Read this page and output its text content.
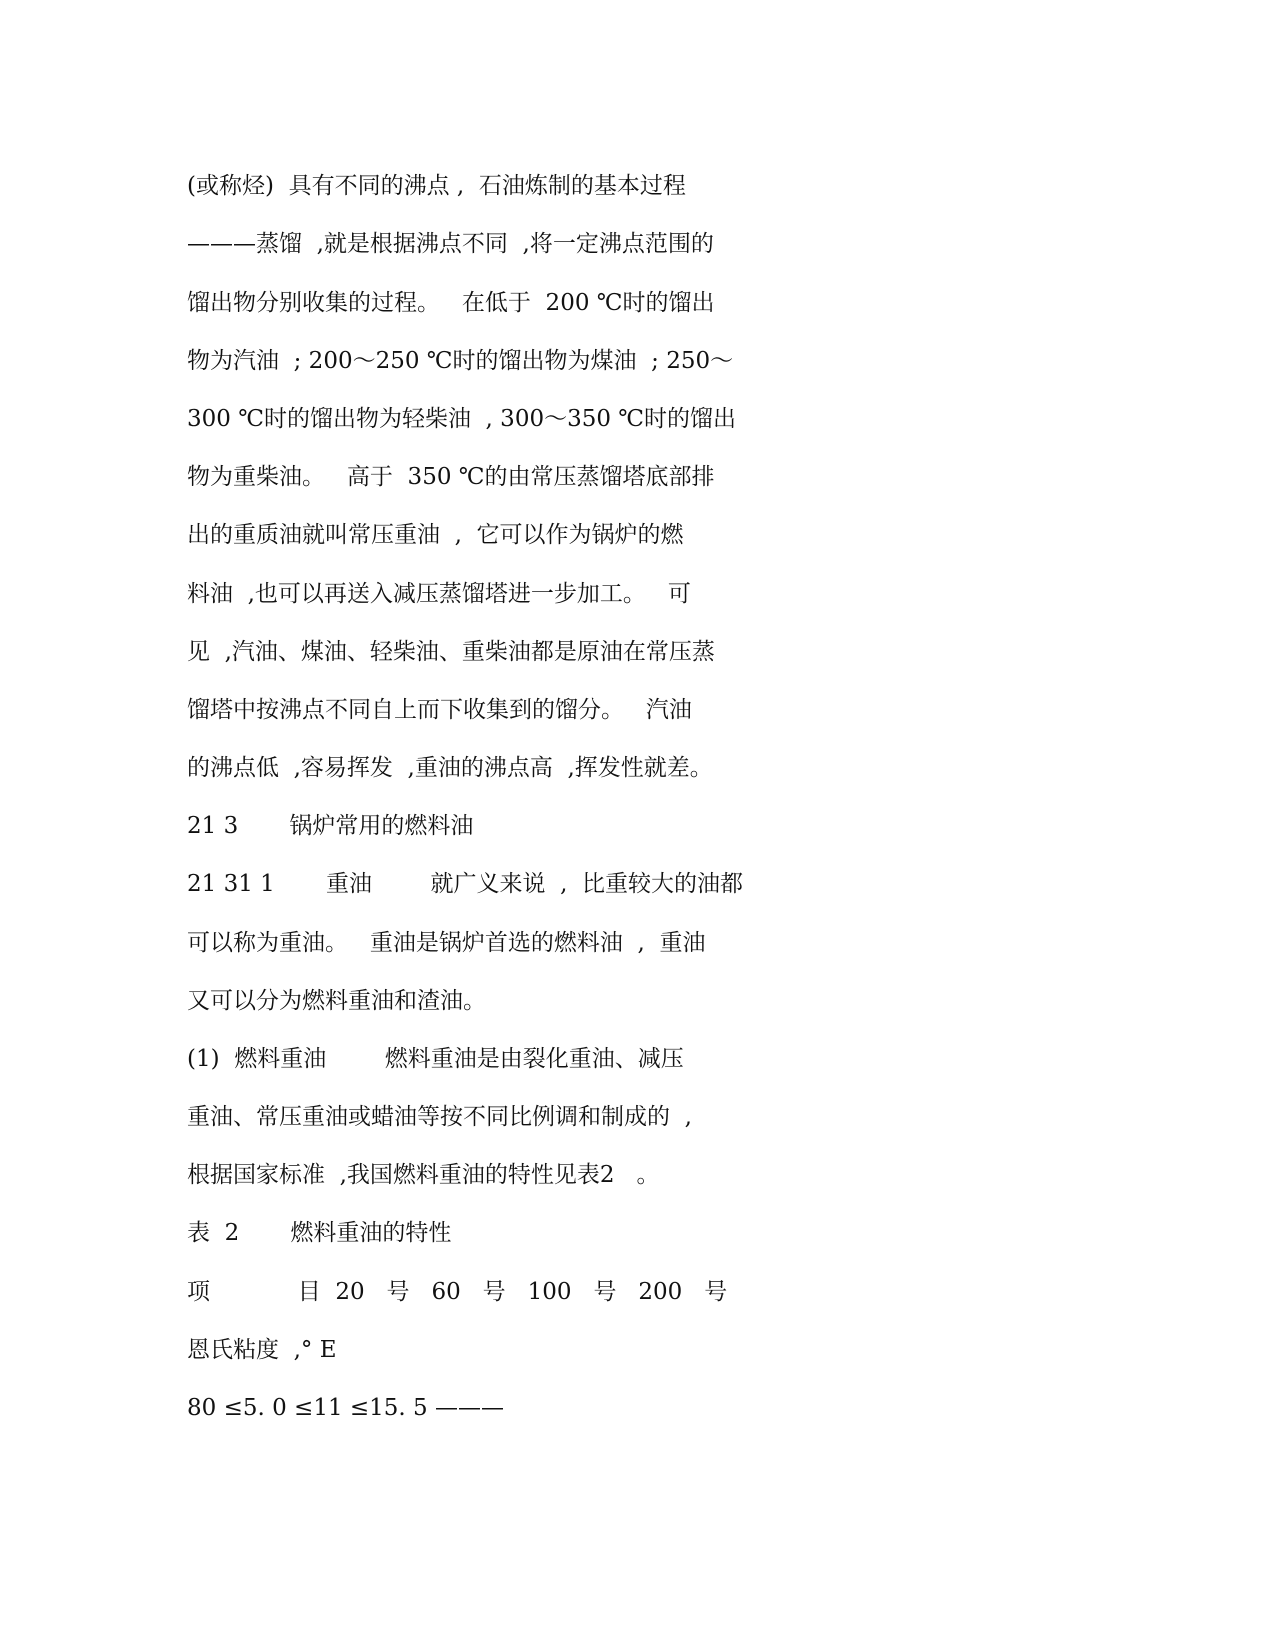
(或称烃)  具有不同的沸点 ,  石油炼制的基本过程
———蒸馏  ,就是根据沸点不同  ,将一定沸点范围的
馏出物分别收集的过程。   在低于  200 ℃时的馏出
物为汽油  ; 200～250 ℃时的馏出物为煤油  ; 250～
300 ℃时的馏出物为轻柴油  , 300～350 ℃时的馏出
物为重柴油。   高于  350 ℃的由常压蒸馏塔底部排
出的重质油就叫常压重油  ,  它可以作为锅炉的燃
料油  ,也可以再送入减压蒸馏塔进一步加工。   可
见  ,汽油、煤油、轻柴油、重柴油都是原油在常压蒸
馏塔中按沸点不同自上而下收集到的馏分。   汽油
的沸点低  ,容易挥发  ,重油的沸点高  ,挥发性就差。
21 3       锅炉常用的燃料油
21 31 1       重油        就广义来说  ,  比重较大的油都
可以称为重油。   重油是锅炉首选的燃料油  ,  重油
又可以分为燃料重油和渣油。
(1)  燃料重油        燃料重油是由裂化重油、减压
重油、常压重油或蜡油等按不同比例调和制成的  ,
根据国家标准  ,我国燃料重油的特性见表2   。
表  2       燃料重油的特性
项            目  20   号   60   号   100   号   200   号
恩氏粘度  ,° E
80 ≤5. 0 ≤11 ≤15. 5 ———
